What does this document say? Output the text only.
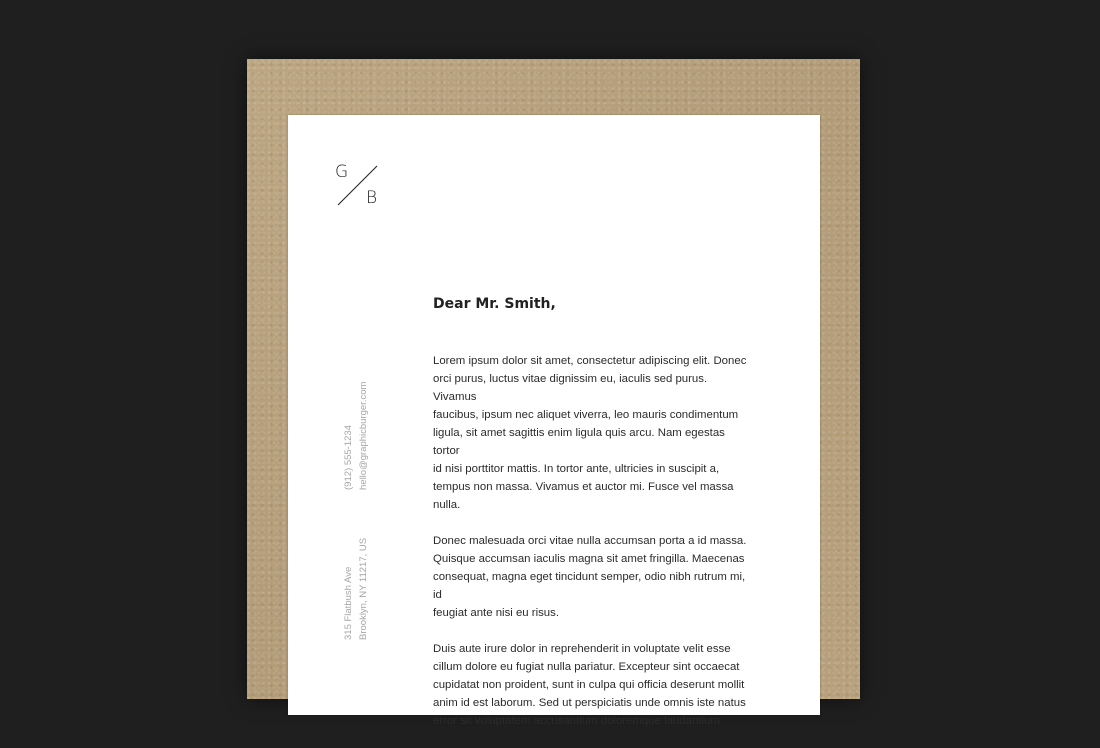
G
B
(912) 555-1234 hello@graphicburger.com
315 Flatbush Ave Brooklyn, NY 11217, US
Dear Mr. Smith,

Lorem ipsum dolor sit amet, consectetur adipiscing elit. Donec
orci purus, luctus vitae dignissim eu, iaculis sed purus. Vivamus
faucibus, ipsum nec aliquet viverra, leo mauris condimentum
ligula, sit amet sagittis enim ligula quis arcu. Nam egestas tortor
id nisi porttitor mattis. In tortor ante, ultricies in suscipit a,
tempus non massa. Vivamus et auctor mi. Fusce vel massa nulla.

Donec malesuada orci vitae nulla accumsan porta a id massa.
Quisque accumsan iaculis magna sit amet fringilla. Maecenas
consequat, magna eget tincidunt semper, odio nibh rutrum mi, id
feugiat ante nisi eu risus.

Duis aute irure dolor in reprehenderit in voluptate velit esse
cillum dolore eu fugiat nulla pariatur. Excepteur sint occaecat
cupidatat non proident, sunt in culpa qui officia deserunt mollit
anim id est laborum. Sed ut perspiciatis unde omnis iste natus
error sit voluptatem accusantium doloremque laudantium
